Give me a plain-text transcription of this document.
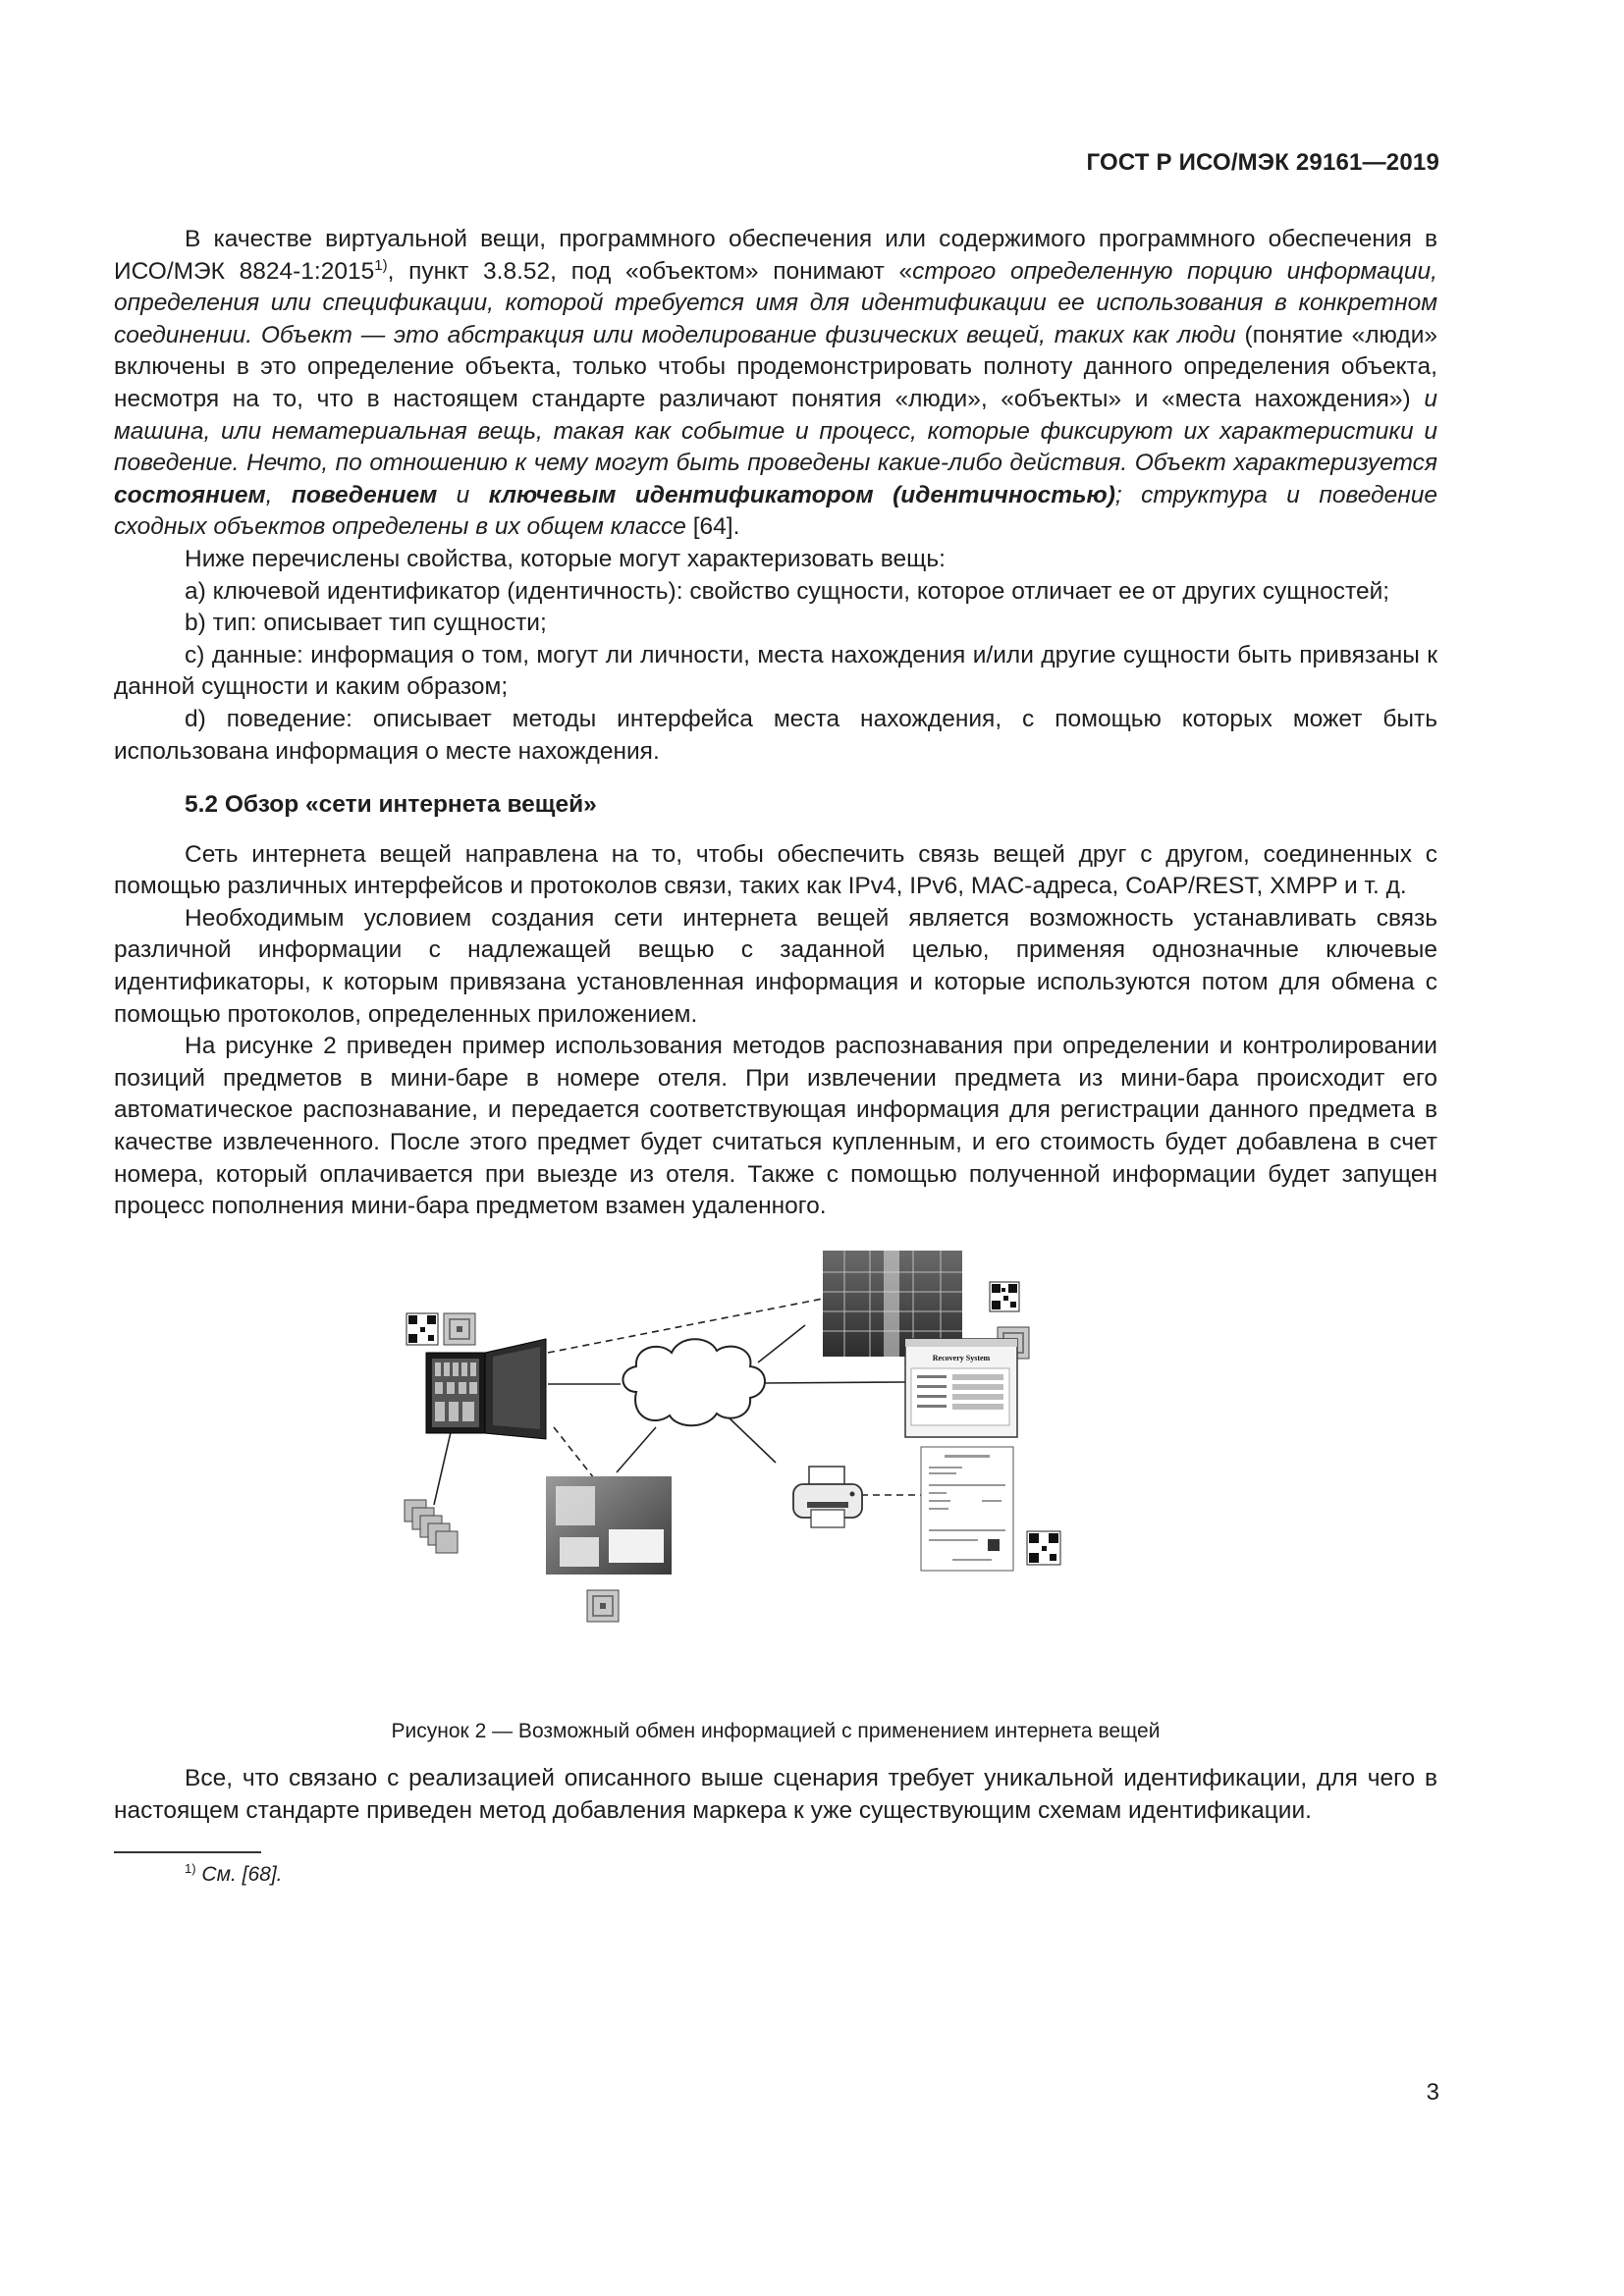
ГОСТ Р ИСО/МЭК 29161—2019

В качестве виртуальной вещи, программного обеспечения или содержимого программного обеспечения в ИСО/МЭК 8824-1:2015$^{1)}$, пункт 3.8.52, под «объектом» понимают «строго определенную порцию информации, определения или спецификации, которой требуется имя для идентификации ее использования в конкретном соединении. Объект — это абстракция или моделирование физических вещей, таких как люди (понятие «люди» включены в это определение объекта, только чтобы продемонстрировать полноту данного определения объекта, несмотря на то, что в настоящем стандарте различают понятия «люди», «объекты» и «места нахождения») и машина, или нематериальная вещь, такая как событие и процесс, которые фиксируют их характеристики и поведение. Нечто, по отношению к чему могут быть проведены какие-либо действия. Объект характеризуется состоянием, поведением и ключевым идентификатором (идентичностью); структура и поведение сходных объектов определены в их общем классе [64].

Ниже перечислены свойства, которые могут характеризовать вещь:

a) ключевой идентификатор (идентичность): свойство сущности, которое отличает ее от других сущностей;

b) тип: описывает тип сущности;

c) данные: информация о том, могут ли личности, места нахождения и/или другие сущности быть привязаны к данной сущности и каким образом;

d) поведение: описывает методы интерфейса места нахождения, с помощью которых может быть использована информация о месте нахождения.

5.2 Обзор «сети интернета вещей»

Сеть интернета вещей направлена на то, чтобы обеспечить связь вещей друг с другом, соединенных с помощью различных интерфейсов и протоколов связи, таких как IPv4, IPv6, MAC-адреса, CoAP/REST, XMPP и т. д.

Необходимым условием создания сети интернета вещей является возможность устанавливать связь различной информации с надлежащей вещью с заданной целью, применяя однозначные ключевые идентификаторы, к которым привязана установленная информация и которые используются потом для обмена с помощью протоколов, определенных приложением.

На рисунке 2 приведен пример использования методов распознавания при определении и контролировании позиций предметов в мини-баре в номере отеля. При извлечении предмета из мини-бара происходит его автоматическое распознавание, и передается соответствующая информация для регистрации данного предмета в качестве извлеченного. После этого предмет будет считаться купленным, и его стоимость будет добавлена в счет номера, который оплачивается при выезде из отеля. Также с помощью полученной информации будет запущен процесс пополнения мини-бара предметом взамен удаленного.

Recovery System
Рисунок 2 — Возможный обмен информацией с применением интернета вещей

Все, что связано с реализацией описанного выше сценария требует уникальной идентификации, для чего в настоящем стандарте приведен метод добавления маркера к уже существующим схемам идентификации.

$^{1)}$ См. [68].
3
